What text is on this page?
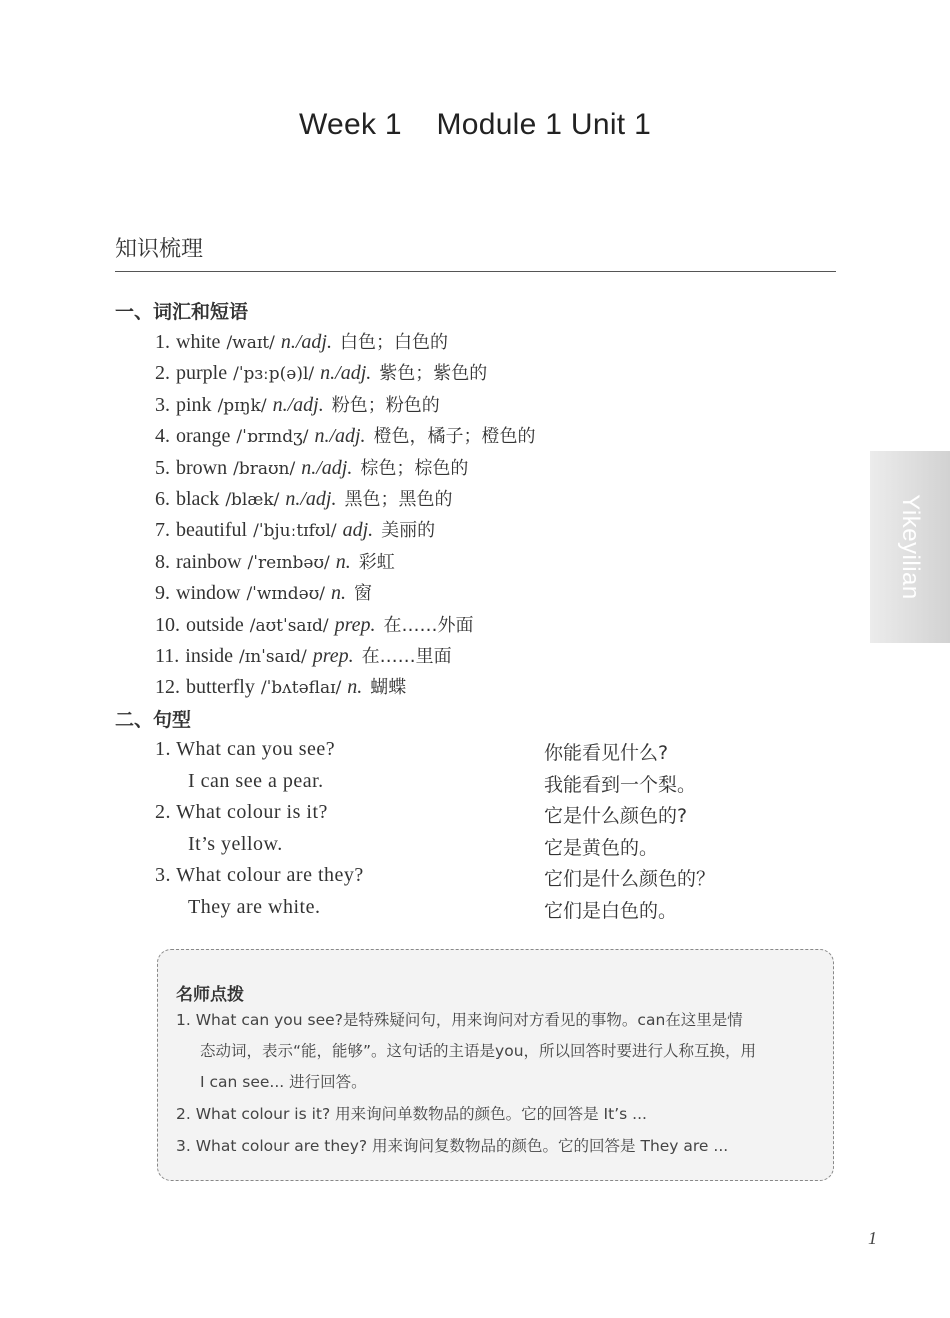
Week 1    Module 1 Unit 1
知识梳理
一、词汇和短语
1. white /waɪt/ n./adj. 白色；白色的
2. purple /ˈpɜːp(ə)l/ n./adj. 紫色；紫色的
3. pink /pɪŋk/ n./adj. 粉色；粉色的
4. orange /ˈɒrɪndʒ/ n./adj. 橙色，橘子；橙色的
5. brown /braʊn/ n./adj. 棕色；棕色的
6. black /blæk/ n./adj. 黑色；黑色的
7. beautiful /ˈbjuːtɪfʊl/ adj. 美丽的
8. rainbow /ˈreɪnbəʊ/ n. 彩虹
9. window /ˈwɪndəʊ/ n. 窗
10. outside /aʊtˈsaɪd/ prep. 在……外面
11. inside /ɪnˈsaɪd/ prep. 在……里面
12. butterfly /ˈbʌtəflaɪ/ n. 蝴蝶
二、句型
1. What can you see?	你能看见什么?
I can see a pear.	我能看到一个梨。
2. What colour is it?	它是什么颜色的?
It’s yellow.	它是黄色的。
3. What colour are they?	它们是什么颜色的？
They are white.	它们是白色的。
名师点拨
1. What can you see?是特殊疑问句，用来询问对方看见的事物。can在这里是情
态动词，表示“能，能够”。这句话的主语是you，所以回答时要进行人称互换，用
I can see... 进行回答。
2. What colour is it? 用来询问单数物品的颜色。它的回答是 It’s ...
3. What colour are they? 用来询问复数物品的颜色。它的回答是 They are ...
Yikeyilian
1
